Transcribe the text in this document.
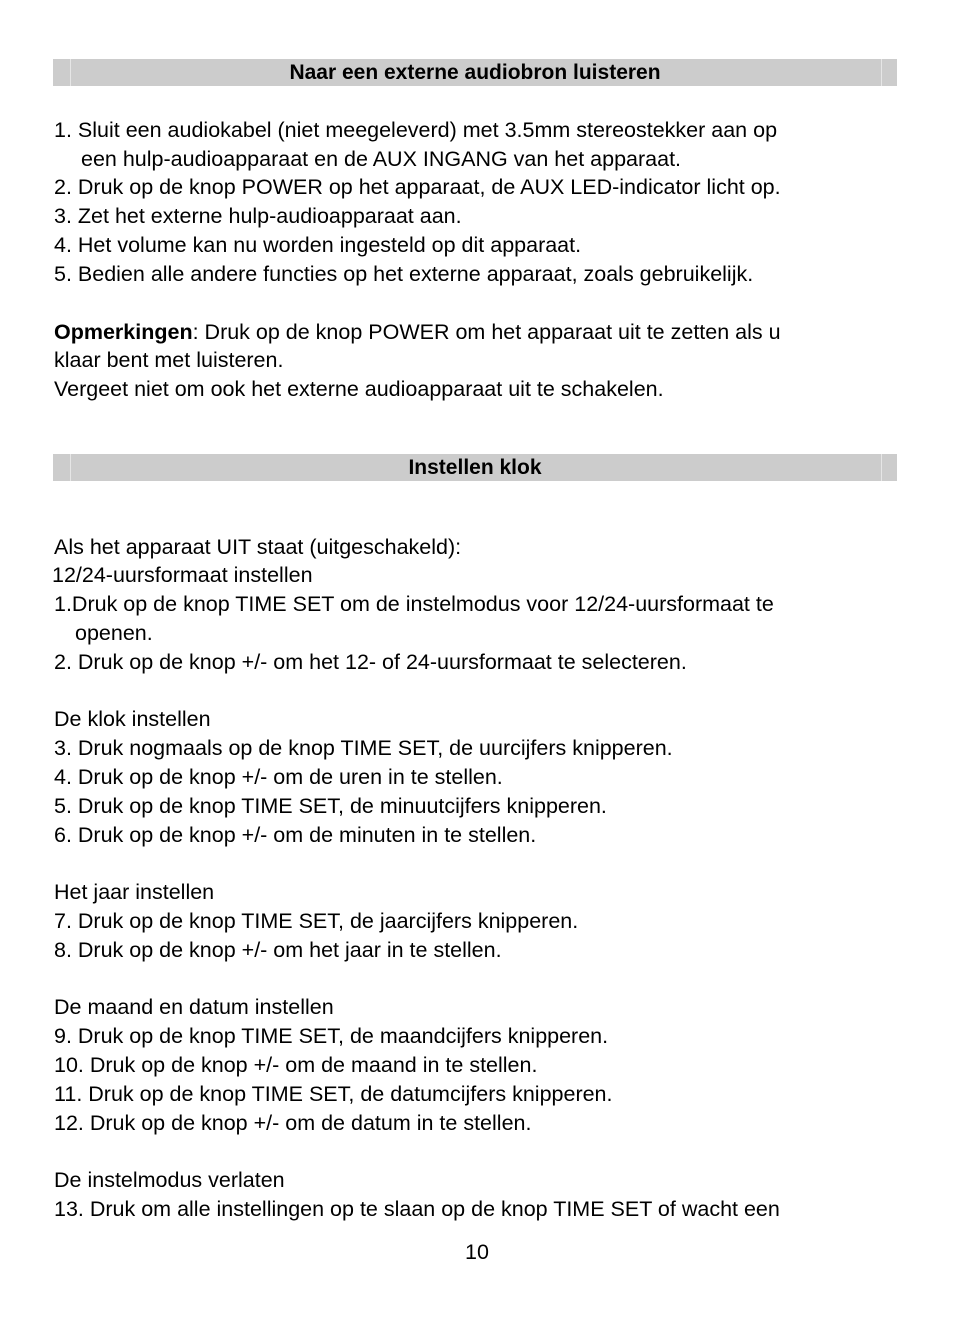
Naar een externe audiobron luisteren
1. Sluit een audiokabel (niet meegeleverd) met 3.5mm stereostekker aan op
een hulp-audioapparaat en de AUX INGANG van het apparaat.
2. Druk op de knop POWER op het apparaat, de AUX LED-indicator licht op.
3. Zet het externe hulp-audioapparaat aan.
4. Het volume kan nu worden ingesteld op dit apparaat.
5. Bedien alle andere functies op het externe apparaat, zoals gebruikelijk.
Opmerkingen: Druk op de knop POWER om het apparaat uit te zetten als u
klaar bent met luisteren.
Vergeet niet om ook het externe audioapparaat uit te schakelen.
Instellen klok
Als het apparaat UIT staat (uitgeschakeld):
12/24-uursformaat instellen
1.Druk op de knop TIME SET om de instelmodus voor 12/24-uursformaat te
openen.
2. Druk op de knop +/- om het 12- of 24-uursformaat te selecteren.
De klok instellen
3. Druk nogmaals op de knop TIME SET, de uurcijfers knipperen.
4. Druk op de knop +/- om de uren in te stellen.
5. Druk op de knop TIME SET, de minuutcijfers knipperen.
6. Druk op de knop +/- om de minuten in te stellen.
Het jaar instellen
7. Druk op de knop TIME SET, de jaarcijfers knipperen.
8. Druk op de knop +/- om het jaar in te stellen.
De maand en datum instellen
9. Druk op de knop TIME SET, de maandcijfers knipperen.
10. Druk op de knop +/- om de maand in te stellen.
11. Druk op de knop TIME SET, de datumcijfers knipperen.
12. Druk op de knop +/- om de datum in te stellen.
De instelmodus verlaten
13. Druk om alle instellingen op te slaan op de knop TIME SET of wacht een
10
